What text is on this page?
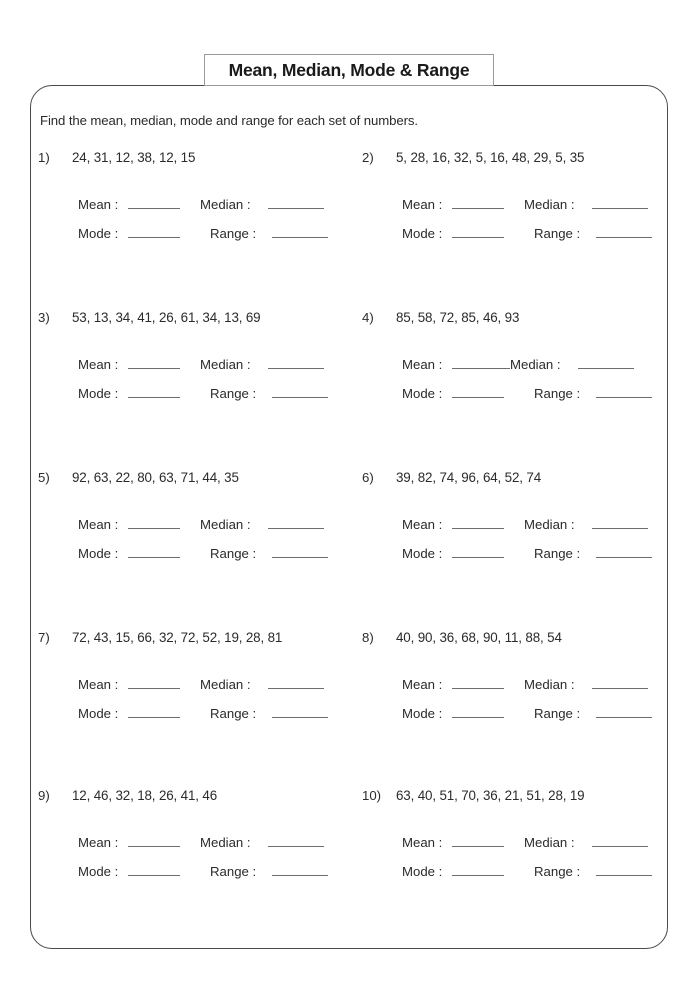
Mean, Median, Mode & Range
Find the mean, median, mode and range for each set of numbers.
1)	24, 31, 12, 38, 12, 15
Mean :	Median :
Mode :	Range :
2)	5, 28, 16, 32, 5, 16, 48, 29, 5, 35
Mean :	Median :
Mode :	Range :
3)	53, 13, 34, 41, 26, 61, 34, 13, 69
Mean :	Median :
Mode :	Range :
4)	85, 58, 72, 85, 46, 93
Mean :	Median :
Mode :	Range :
5)	92, 63, 22, 80, 63, 71, 44, 35
Mean :	Median :
Mode :	Range :
6)	39, 82, 74, 96, 64, 52, 74
Mean :	Median :
Mode :	Range :
7)	72, 43, 15, 66, 32, 72, 52, 19, 28, 81
Mean :	Median :
Mode :	Range :
8)	40, 90, 36, 68, 90, 11, 88, 54
Mean :	Median :
Mode :	Range :
9)	12, 46, 32, 18, 26, 41, 46
Mean :	Median :
Mode :	Range :
10)	63, 40, 51, 70, 36, 21, 51, 28, 19
Mean :	Median :
Mode :	Range :
